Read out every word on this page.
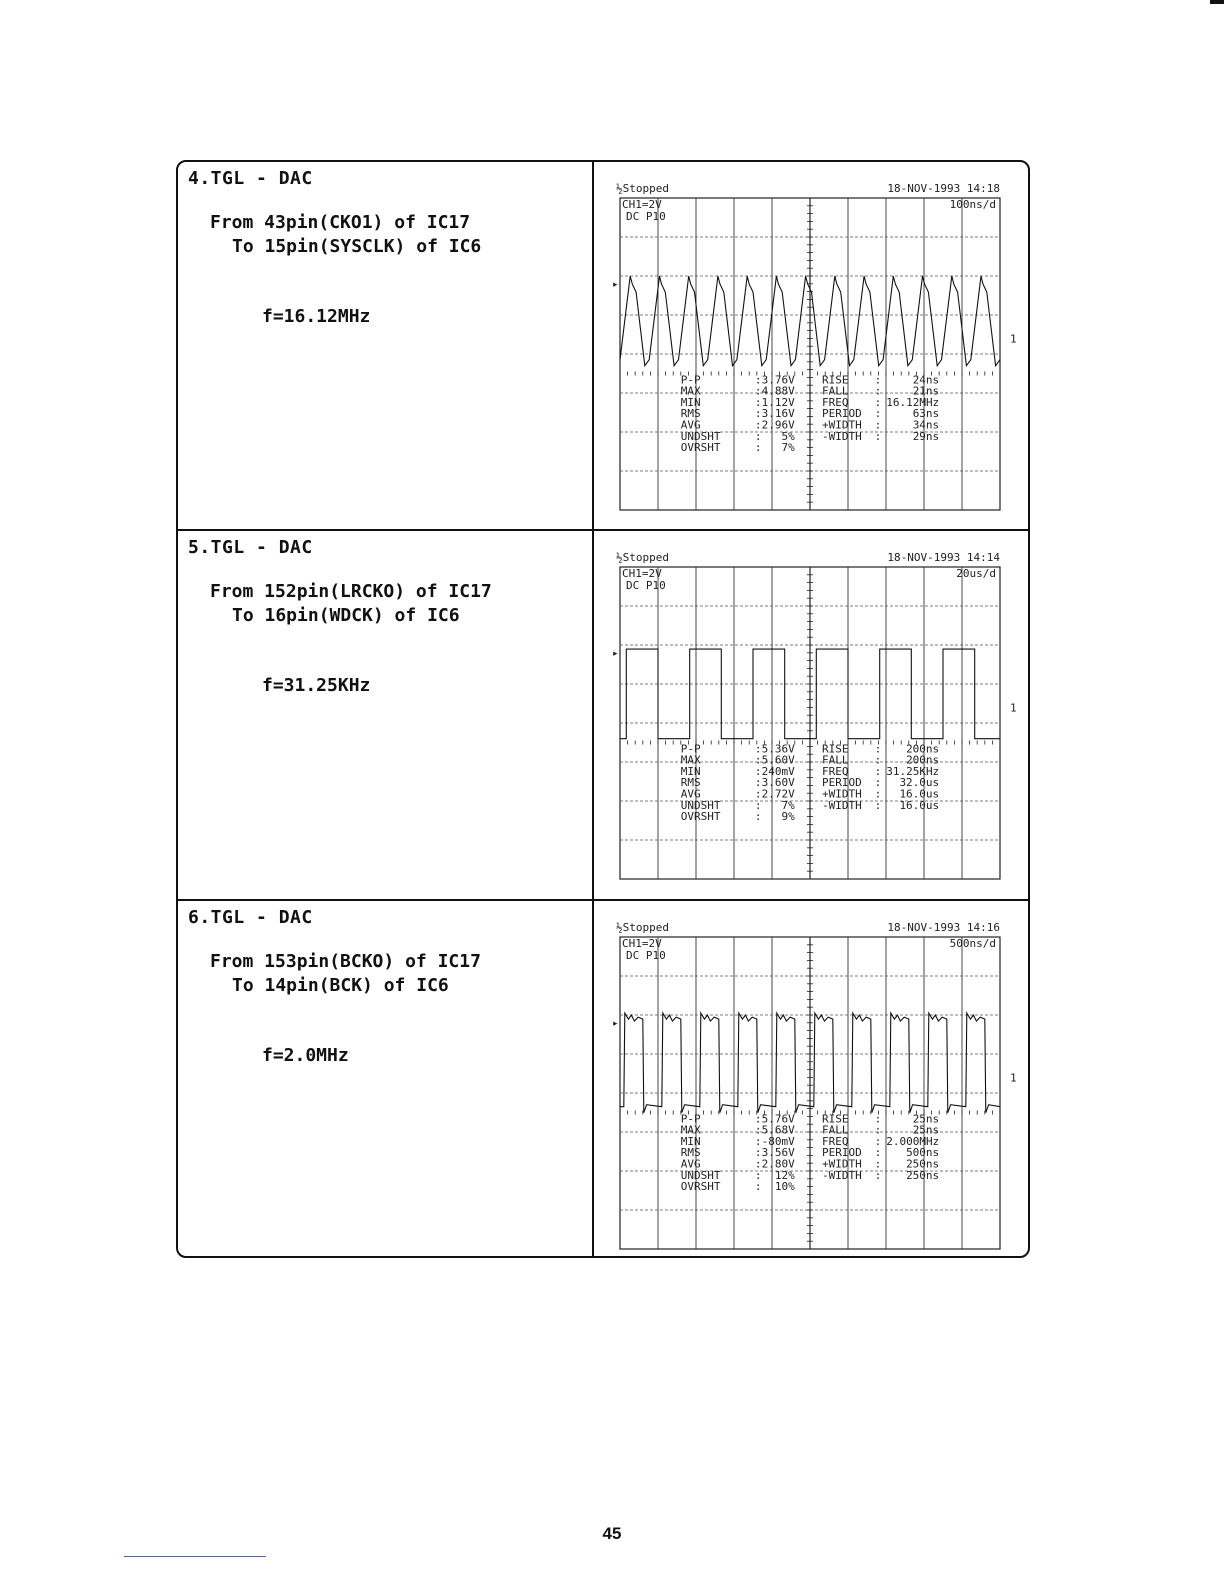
4.TGL - DAC
From 43pin(CKO1) of IC17
To 15pin(SYSCLK) of IC6
f=16.12MHz
½Stopped	18-NOV-1993 14:18
CH1=2V
DC P10
100ns/d
▸
1
P-P	: 3.76V
MAX	: 4.88V
MIN	: 1.12V
RMS	: 3.16V
AVG	: 2.96V
UNDSHT	: 5%
OVRSHT	: 7%
RISE :	24ns
FALL :	21ns
FREQ : 16.12MHz
PERIOD :	63ns
+WIDTH :	34ns
-WIDTH :	29ns
5.TGL - DAC
From 152pin(LRCKO) of IC17
To 16pin(WDCK) of IC6
f=31.25KHz
½Stopped	18-NOV-1993 14:14
CH1=2V
DC P10
20us/d
▸
1
P-P	: 5.36V
MAX	: 5.60V
MIN	: 240mV
RMS	: 3.60V
AVG	: 2.72V
UNDSHT	: 7%
OVRSHT	: 9%
RISE : 200ns
FALL : 200ns
FREQ : 31.25KHz
PERIOD : 32.0us
+WIDTH : 16.0us
-WIDTH : 16.0us
6.TGL - DAC
From 153pin(BCKO) of IC17
To 14pin(BCK) of IC6
f=2.0MHz
½Stopped	18-NOV-1993 14:16
CH1=2V
DC P10
500ns/d
▸
1
P-P	: 5.76V
MAX	: 5.68V
MIN	: -80mV
RMS	: 3.56V
AVG	: 2.80V
UNDSHT	: 12%
OVRSHT	: 10%
RISE :	25ns
FALL :	25ns
FREQ : 2.000MHz
PERIOD : 500ns
+WIDTH : 250ns
-WIDTH : 250ns
45
